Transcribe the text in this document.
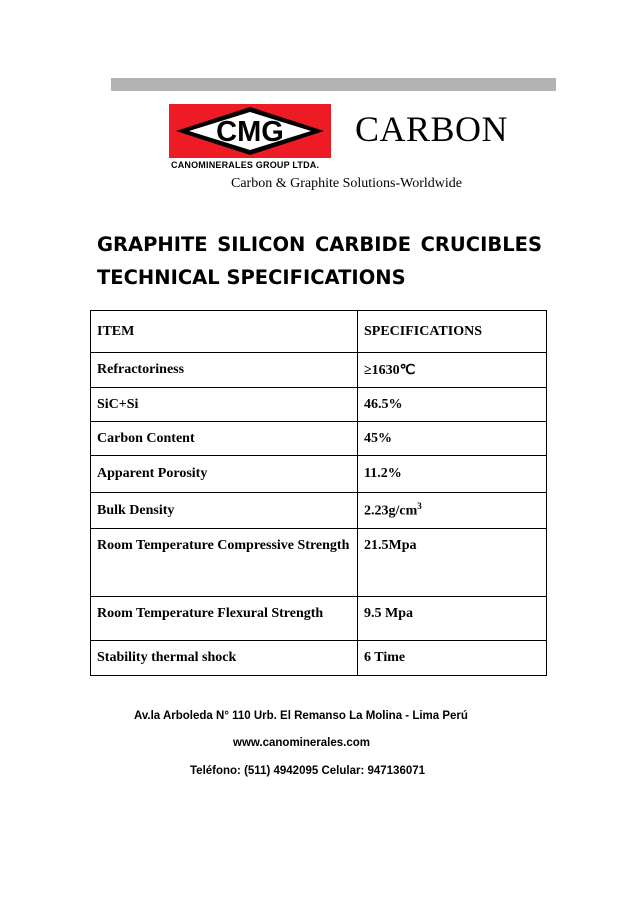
CMG
CANOMINERALES GROUP LTDA.
CARBON
Carbon & Graphite Solutions-Worldwide
GRAPHITE SILICON CARBIDE CRUCIBLES
TECHNICAL SPECIFICATIONS
ITEM	SPECIFICATIONS
Refractoriness	≥1630℃
SiC+Si	46.5%
Carbon Content	45%
Apparent Porosity	11.2%
Bulk Density	$2.23g/cm^3$
Room Temperature Compressive Strength	21.5Mpa
Room Temperature Flexural Strength	9.5 Mpa
Stability thermal shock	6 Time
Av.la Arboleda N° 110 Urb. El Remanso La Molina - Lima Perú
www.canominerales.com
Teléfono: (511) 4942095 Celular: 947136071
